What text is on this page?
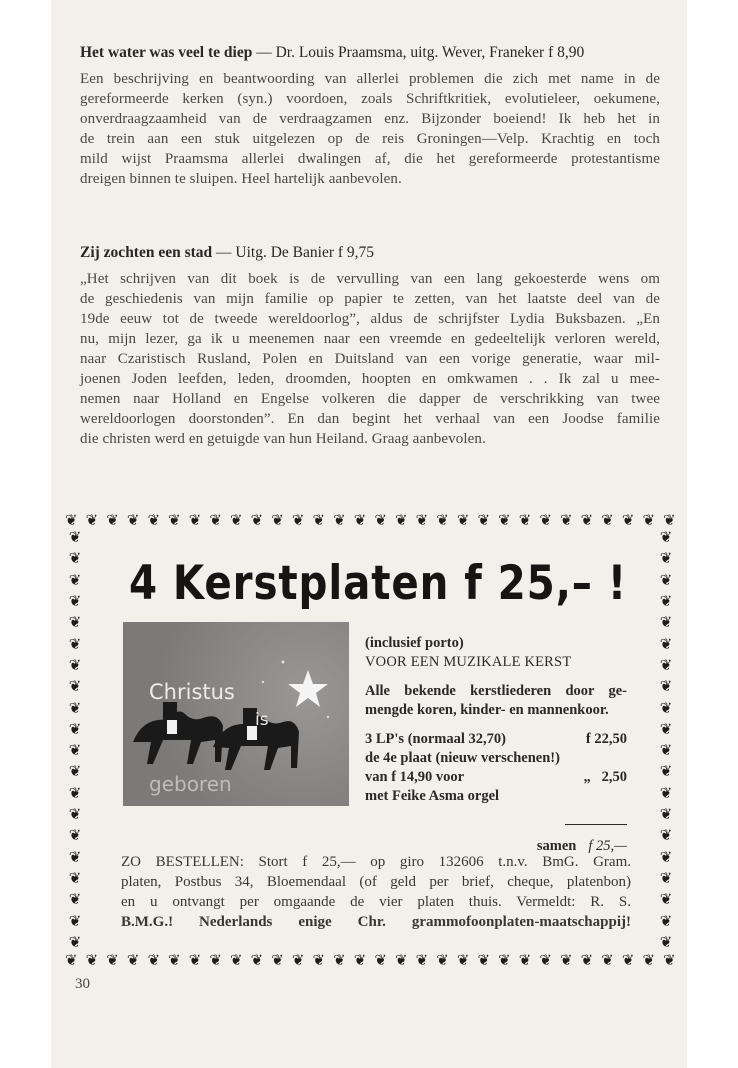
Het water was veel te diep — Dr. Louis Praamsma, uitg. Wever, Franeker f 8,90

Een beschrijving en beantwoording van allerlei problemen die zich met name in de
gereformeerde kerken (syn.) voordoen, zoals Schriftkritiek, evolutieleer, oekumene,
onverdraagzaamheid van de verdraagzamen enz. Bijzonder boeiend! Ik heb het in
de trein aan een stuk uitgelezen op de reis Groningen—Velp. Krachtig en toch
mild wijst Praamsma allerlei dwalingen af, die het gereformeerde protestantisme
dreigen binnen te sluipen. Heel hartelijk aanbevolen.

Zij zochten een stad — Uitg. De Banier f 9,75

„Het schrijven van dit boek is de vervulling van een lang gekoesterde wens om
de geschiedenis van mijn familie op papier te zetten, van het laatste deel van de
19de eeuw tot de tweede wereldoorlog”, aldus de schrijfster Lydia Buksbazen. „En
nu, mijn lezer, ga ik u meenemen naar een vreemde en gedeeltelijk verloren wereld,
naar Czaristisch Rusland, Polen en Duitsland van een vorige generatie, waar mil-
joenen Joden leefden, leden, droomden, hoopten en omkwamen . . Ik zal u mee-
nemen naar Holland en Engelse volkeren die dapper de verschrikking van twee
wereldoorlogen doorstonden”. En dan begint het verhaal van een Joodse familie
die christen werd en getuigde van hun Heiland. Graag aanbevolen.

❦ ❦ ❦ ❦ ❦ ❦ ❦ ❦ ❦ ❦ ❦ ❦ ❦ ❦ ❦ ❦ ❦ ❦ ❦ ❦ ❦ ❦ ❦ ❦ ❦ ❦ ❦ ❦ ❦ ❦
❦ ❦ ❦ ❦ ❦ ❦ ❦ ❦ ❦ ❦ ❦ ❦ ❦ ❦ ❦ ❦ ❦ ❦ ❦ ❦ ❦ ❦ ❦ ❦ ❦ ❦ ❦ ❦ ❦ ❦
❦
❦
❦
❦
❦
❦
❦
❦
❦
❦
❦
❦
❦
❦
❦
❦
❦
❦
❦
❦
❦
❦
❦
❦
❦
❦
❦
❦
❦
❦
❦
❦
❦
❦
❦
❦
❦
❦
❦
❦
4 Kerstplaten f 25,– !
Christus
is
geboren

(inclusief porto)

VOOR EEN MUZIKALE KERST

Alle bekende kerstliederen door ge-

mengde koren, kinder- en mannenkoor.

3 LP's (normaal 32,70)	f 22,50

de 4e plaat (nieuw verschenen!)

van f 14,90 voor	„   2,50

met Feike Asma orgel

samen f 25,—

ZO BESTELLEN: Stort f 25,— op giro 132606 t.n.v. BmG. Gram.
platen, Postbus 34, Bloemendaal (of geld per brief, cheque, platenbon)
en u ontvangt per omgaande de vier platen thuis. Vermeldt: R. S.
B.M.G.! Nederlands enige Chr. grammofoonplaten-maatschappij!

30
